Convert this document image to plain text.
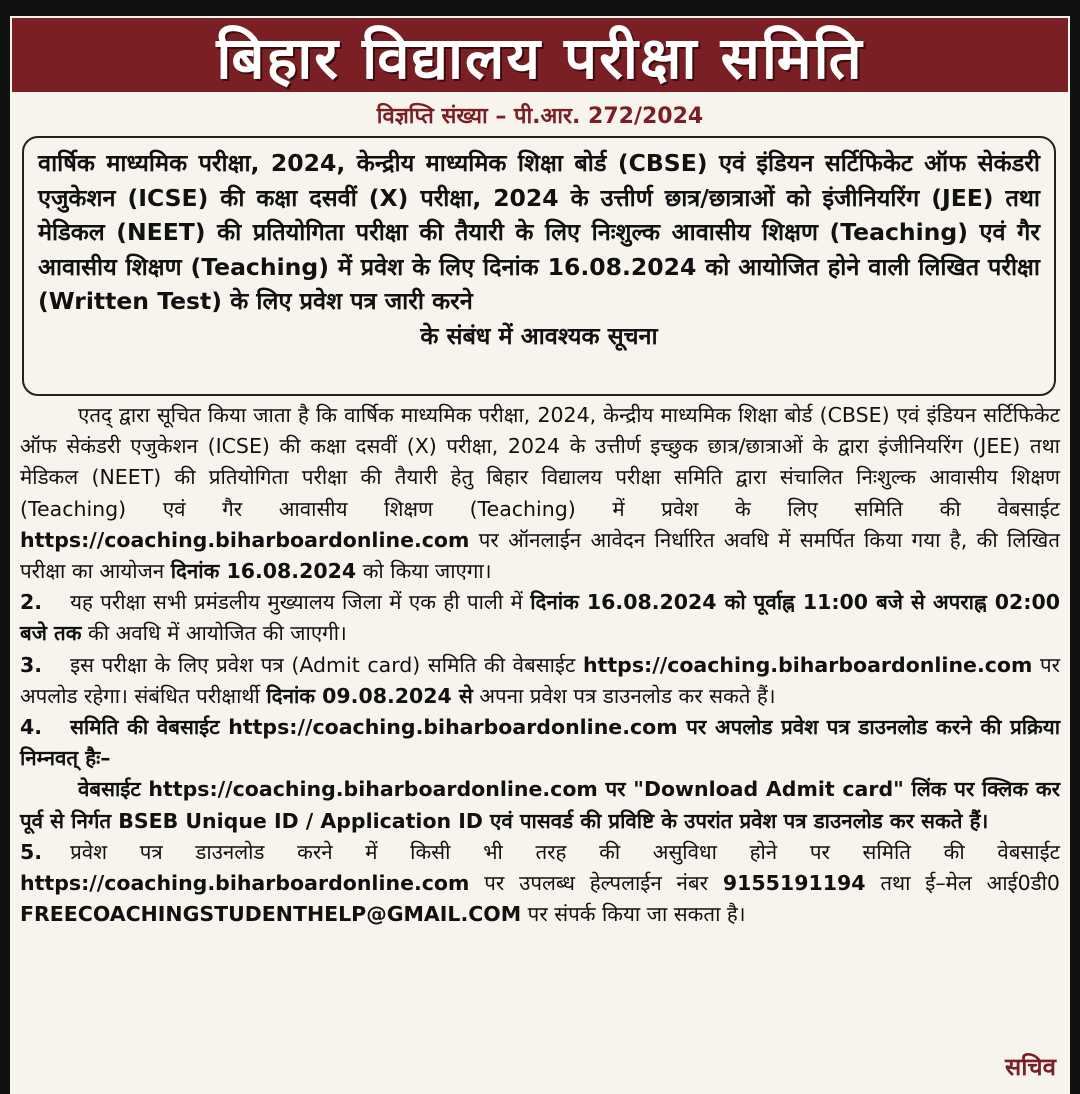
बिहार विद्यालय परीक्षा समिति
विज्ञप्ति संख्या – पी.आर. 272/2024
वार्षिक माध्यमिक परीक्षा, 2024, केन्द्रीय माध्यमिक शिक्षा बोर्ड (CBSE) एवं इंडियन सर्टिफिकेट ऑफ सेकंडरी एजुकेशन (ICSE) की कक्षा दसवीं (X) परीक्षा, 2024 के उत्तीर्ण छात्र/छात्राओं को इंजीनियरिंग (JEE) तथा मेडिकल (NEET) की प्रतियोगिता परीक्षा की तैयारी के लिए निःशुल्क आवासीय शिक्षण (Teaching) एवं गैर आवासीय शिक्षण (Teaching) में प्रवेश के लिए दिनांक 16.08.2024 को आयोजित होने वाली लिखित परीक्षा (Written Test) के लिए प्रवेश पत्र जारी करने
के संबंध में आवश्यक सूचना

एतद् द्वारा सूचित किया जाता है कि वार्षिक माध्यमिक परीक्षा, 2024, केन्द्रीय माध्यमिक शिक्षा बोर्ड (CBSE) एवं इंडियन सर्टिफिकेट ऑफ सेकंडरी एजुकेशन (ICSE) की कक्षा दसवीं (X) परीक्षा, 2024 के उत्तीर्ण इच्छुक छात्र/छात्राओं के द्वारा इंजीनियरिंग (JEE) तथा मेडिकल (NEET) की प्रतियोगिता परीक्षा की तैयारी हेतु बिहार विद्यालय परीक्षा समिति द्वारा संचालित निःशुल्क आवासीय शिक्षण (Teaching) एवं गैर आवासीय शिक्षण (Teaching) में प्रवेश के लिए समिति की वेबसाईट https://coaching.biharboardonline.com पर ऑनलाईन आवेदन निर्धारित अवधि में समर्पित किया गया है, की लिखित परीक्षा का आयोजन दिनांक 16.08.2024 को किया जाएगा।

2. यह परीक्षा सभी प्रमंडलीय मुख्यालय जिला में एक ही पाली में दिनांक 16.08.2024 को पूर्वाह्न 11:00 बजे से अपराह्न 02:00 बजे तक की अवधि में आयोजित की जाएगी।

3. इस परीक्षा के लिए प्रवेश पत्र (Admit card) समिति की वेबसाईट https://coaching.biharboardonline.com पर अपलोड रहेगा। संबंधित परीक्षार्थी दिनांक 09.08.2024 से अपना प्रवेश पत्र डाउनलोड कर सकते हैं।

4. समिति की वेबसाईट https://coaching.biharboardonline.com पर अपलोड प्रवेश पत्र डाउनलोड करने की प्रक्रिया निम्नवत् हैः–

वेबसाईट https://coaching.biharboardonline.com पर "Download Admit card" लिंक पर क्लिक कर पूर्व से निर्गत BSEB Unique ID / Application ID एवं पासवर्ड की प्रविष्टि के उपरांत प्रवेश पत्र डाउनलोड कर सकते हैं।

5. प्रवेश पत्र डाउनलोड करने में किसी भी तरह की असुविधा होने पर समिति की वेबसाईट https://coaching.biharboardonline.com पर उपलब्ध हेल्पलाईन नंबर 9155191194 तथा ई–मेल आई0डी0 FREECOACHINGSTUDENTHELP@GMAIL.COM पर संपर्क किया जा सकता है।

सचिव
